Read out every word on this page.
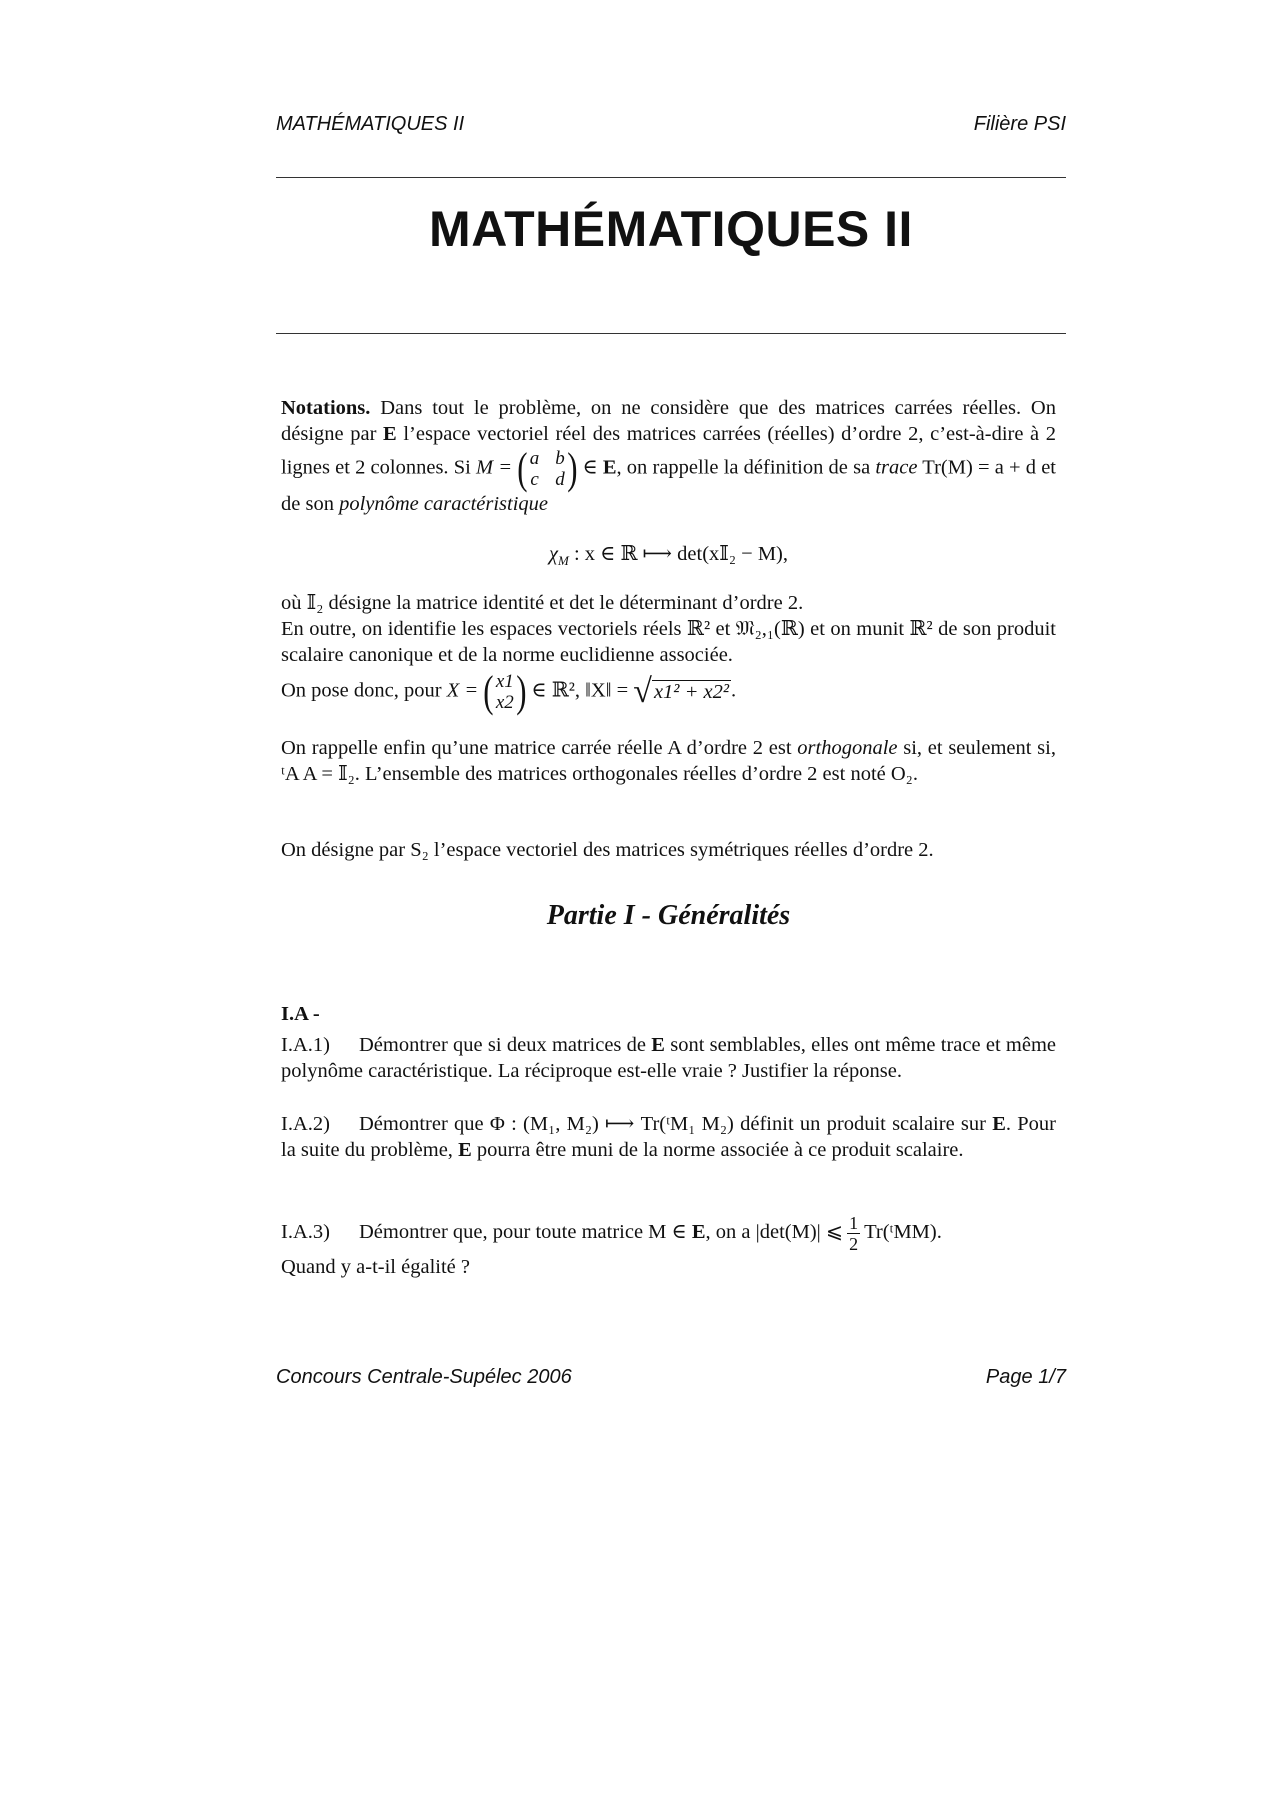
MATHÉMATIQUES II	Filière PSI
MATHÉMATIQUES II

Notations. Dans tout le problème, on ne considère que des matrices carrées réelles. On désigne par E l’espace vectoriel réel des matrices carrées (réelles) d’ordre 2, c’est-à-dire à 2 lignes et 2 colonnes. Si M = ( a b
c d ) ∈ E, on rappelle la définition de sa trace Tr(M) = a + d et de son polynôme caractéristique

$\chi_M$ : x ∈ ℝ ⟼ det(x𝕀₂ − M),

où 𝕀₂ désigne la matrice identité et det le déterminant d’ordre 2.

En outre, on identifie les espaces vectoriels réels ℝ² et 𝔐₂,₁(ℝ) et on munit ℝ² de son produit scalaire canonique et de la norme euclidienne associée.

On pose donc, pour X = ( x1
x2 ) ∈ ℝ², ‖X‖ = √x1² + x2².

On rappelle enfin qu’une matrice carrée réelle A d’ordre 2 est orthogonale si, et seulement si, ᵗA A = 𝕀₂. L’ensemble des matrices orthogonales réelles d’ordre 2 est noté O₂.

On désigne par S₂ l’espace vectoriel des matrices symétriques réelles d’ordre 2.

Partie I - Généralités
I.A -

I.A.1) Démontrer que si deux matrices de E sont semblables, elles ont même trace et même polynôme caractéristique. La réciproque est-elle vraie ? Justifier la réponse.

I.A.2) Démontrer que Φ : (M₁, M₂) ⟼ Tr(ᵗM₁ M₂) définit un produit scalaire sur E. Pour la suite du problème, E pourra être muni de la norme associée à ce produit scalaire.

I.A.3) Démontrer que, pour toute matrice M ∈ E, on a |det(M)| ⩽ $\frac{1}{2}$ Tr(ᵗMM).

Quand y a-t-il égalité ?

Concours Centrale-Supélec 2006	Page 1/7
